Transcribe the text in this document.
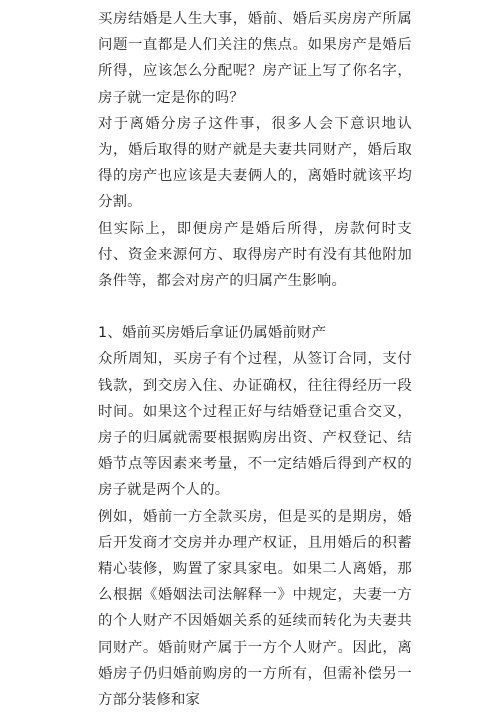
买房结婚是人生大事，婚前、婚后买房房产所属问题一直都是人们关注的焦点。如果房产是婚后所得，应该怎么分配呢？房产证上写了你名字，房子就一定是你的吗？

对于离婚分房子这件事，很多人会下意识地认为，婚后取得的财产就是夫妻共同财产，婚后取得的房产也应该是夫妻俩人的，离婚时就该平均分割。

但实际上，即便房产是婚后所得，房款何时支付、资金来源何方、取得房产时有没有其他附加条件等，都会对房产的归属产生影响。

1、婚前买房婚后拿证仍属婚前财产

众所周知，买房子有个过程，从签订合同，支付钱款，到交房入住、办证确权，往往得经历一段时间。如果这个过程正好与结婚登记重合交叉，房子的归属就需要根据购房出资、产权登记、结婚节点等因素来考量，不一定结婚后得到产权的房子就是两个人的。

例如，婚前一方全款买房，但是买的是期房，婚后开发商才交房并办理产权证，且用婚后的积蓄精心装修，购置了家具家电。如果二人离婚，那么根据《婚姻法司法解释一》中规定，夫妻一方的个人财产不因婚姻关系的延续而转化为夫妻共同财产。婚前财产属于一方个人财产。因此，离婚房子仍归婚前购房的一方所有，但需补偿另一方部分装修和家
